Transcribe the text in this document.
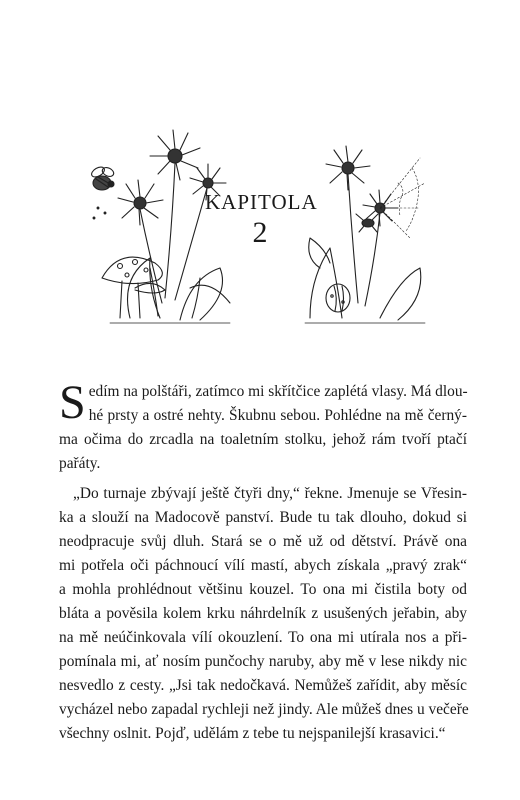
KAPITOLA
2

S edím na polštáři, zatímco mi skřítčice zaplétá vlasy. Má dlou-
hé prsty a ostré nehty. Škubnu sebou. Pohlédne na mě černý-
ma očima do zrcadla na toaletním stolku, jehož rám tvoří ptačí
pařáty.

„Do turnaje zbývají ještě čtyři dny,“ řekne. Jmenuje se Vřesin-
ka a slouží na Madocově panství. Bude tu tak dlouho, dokud si
neodpracuje svůj dluh. Stará se o mě už od dětství. Právě ona
mi potřela oči páchnoucí vílí mastí, abych získala „pravý zrak“
a mohla prohlédnout většinu kouzel. To ona mi čistila boty od
bláta a pověsila kolem krku náhrdelník z usušených jeřabin, aby
na mě neúčinkovala vílí okouzlení. To ona mi utírala nos a při-
pomínala mi, ať nosím punčochy naruby, aby mě v lese nikdy nic
nesvedlo z cesty. „Jsi tak nedočkavá. Nemůžeš zařídit, aby měsíc
vycházel nebo zapadal rychleji než jindy. Ale můžeš dnes u večeře
všechny oslnit. Pojď, udělám z tebe tu nejspanilejší krasavici.“
